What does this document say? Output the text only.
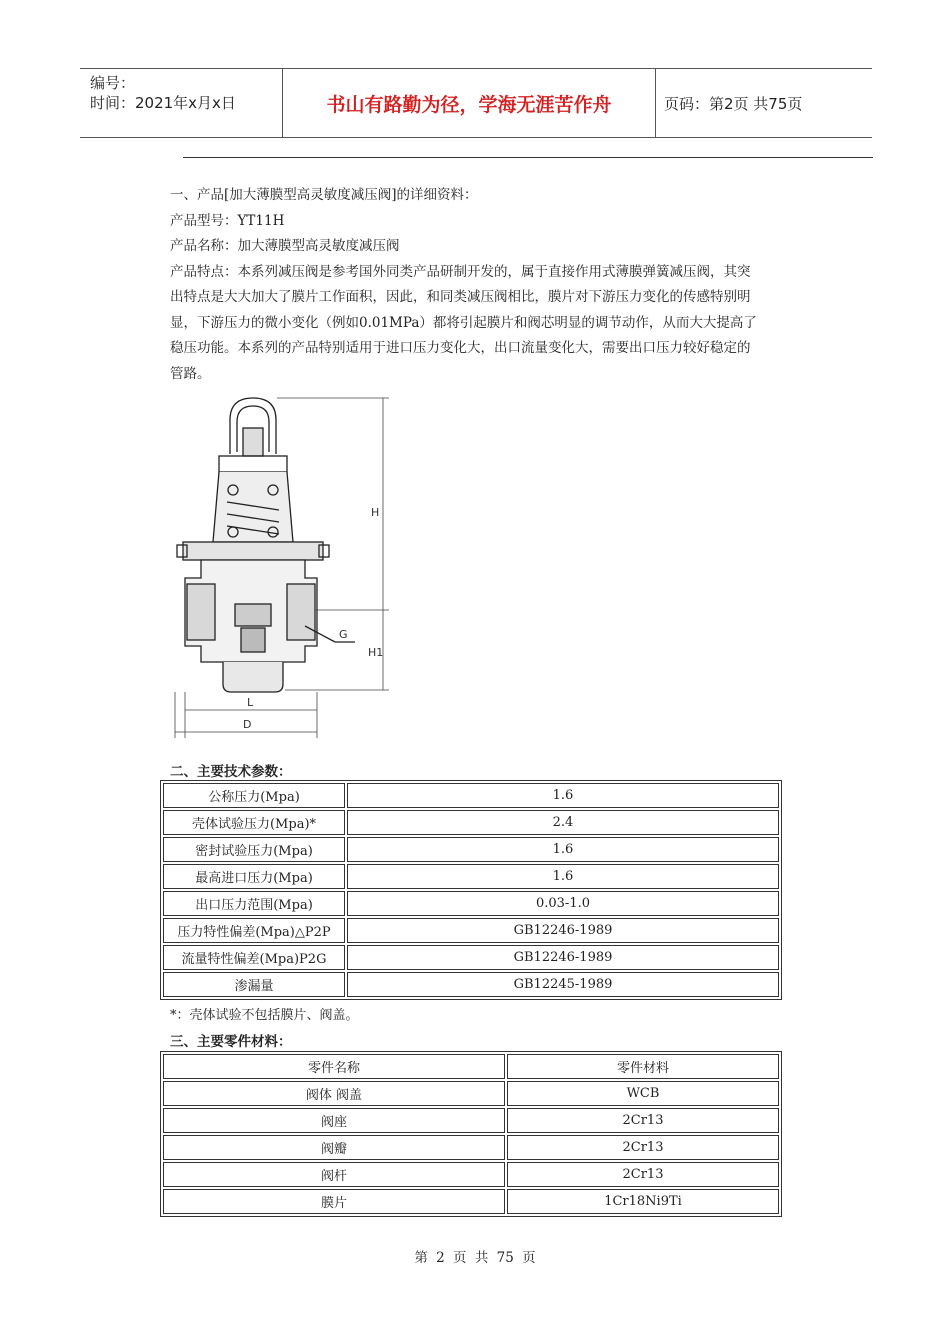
编号：
时间：2021年x月x日	书山有路勤为径，学海无涯苦作舟	页码：第2页 共75页

一、产品[加大薄膜型高灵敏度减压阀]的详细资料：

产品型号：YT11H

产品名称：加大薄膜型高灵敏度减压阀

产品特点：本系列减压阀是参考国外同类产品研制开发的，属于直接作用式薄膜弹簧减压阀，其突

出特点是大大加大了膜片工作面积，因此，和同类减压阀相比，膜片对下游压力变化的传感特别明

显，下游压力的微小变化（例如0.01MPa）都将引起膜片和阀芯明显的调节动作，从而大大提高了

稳压功能。本系列的产品特别适用于进口压力变化大，出口流量变化大，需要出口压力较好稳定的

管路。

H
H1
G
L
D
二、主要技术参数：
公称压力(Mpa)	1.6
壳体试验压力(Mpa)*	2.4
密封试验压力(Mpa)	1.6
最高进口压力(Mpa)	1.6
出口压力范围(Mpa)	0.03-1.0
压力特性偏差(Mpa)△P2P	GB12246-1989
流量特性偏差(Mpa)P2G	GB12246-1989
渗漏量	GB12245-1989
*：壳体试验不包括膜片、阀盖。
三、主要零件材料：
零件名称	零件材料
阀体 阀盖	WCB
阀座	2Cr13
阀瓣	2Cr13
阀杆	2Cr13
膜片	1Cr18Ni9Ti
第 2 页 共 75 页
